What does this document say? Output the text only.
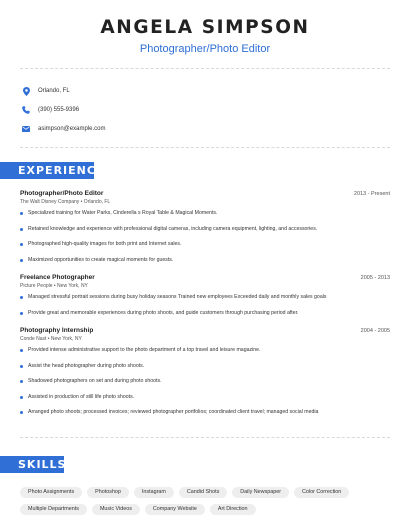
ANGELA SIMPSON
Photographer/Photo Editor
Orlando, FL
(390) 555-9396
asimpson@example.com
EXPERIENCE
Photographer/Photo Editor	2013 - Present
The Walt Disney Company • Orlando, FL
Specialized training for Water Parks, Cinderella s Royal Table & Magical Moments.
Retained knowledge and experience with professional digital cameras, including camera equipment, lighting, and accessories.
Photographed high-quality images for both print and Internet sales.
Maximized opportunities to create magical moments for guests.
Freelance Photographer	2005 - 2013
Picture People • New York, NY
Managed stressful portrait sessions during busy holiday seasons Trained new employees Exceeded daily and monthly sales goals
Provide great and memorable experiences during photo shoots, and guide customers through purchasing period after.
Photography Internship	2004 - 2005
Conde Nast • New York, NY
Provided intense administrative support to the photo department of a top travel and leisure magazine.
Assist the head photographer during photo shoots.
Shadowed photographers on set and during photo shoots.
Assisted in production of still life photo shoots.
Arranged photo shoots; processed invoices; reviewed photographer portfolios; coordinated client travel; managed social media
SKILLS
Photo Assignments	Photoshop	Instagram	Candid Shots	Daily Newspaper	Color Correction
Multiple Departments	Music Videos	Company Website	Art Direction
